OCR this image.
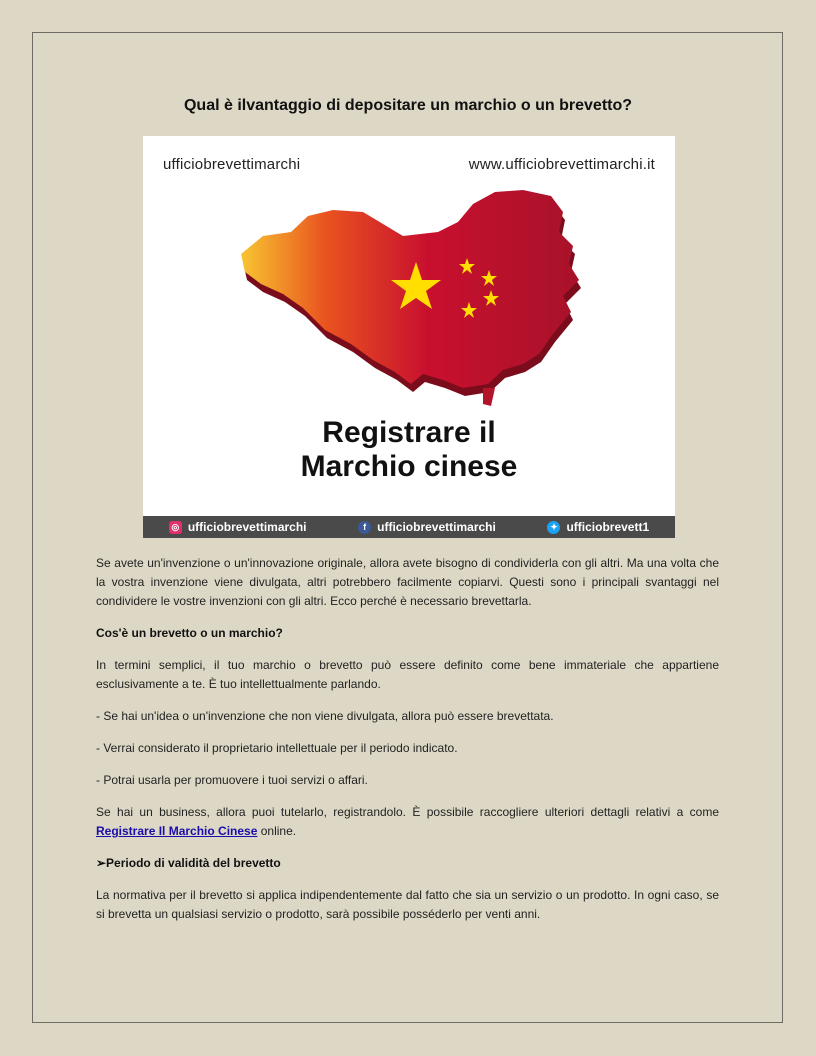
Qual è ilvantaggio di depositare un marchio o un brevetto?
ufficiobrevettimarchi	www.ufficiobrevettimarchi.it
Registrare il
Marchio cinese
◎ ufficiobrevettimarchi	f ufficiobrevettimarchi	✦ ufficiobrevett1

Se avete un'invenzione o un'innovazione originale, allora avete bisogno di condividerla con gli altri. Ma una volta che la vostra invenzione viene divulgata, altri potrebbero facilmente copiarvi. Questi sono i principali svantaggi nel condividere le vostre invenzioni con gli altri. Ecco perché è necessario brevettarla.

Cos'è un brevetto o un marchio?

In termini semplici, il tuo marchio o brevetto può essere definito come bene immateriale che appartiene esclusivamente a te. È tuo intellettualmente parlando.

- Se hai un'idea o un'invenzione che non viene divulgata, allora può essere brevettata.

- Verrai considerato il proprietario intellettuale per il periodo indicato.

- Potrai usarla per promuovere i tuoi servizi o affari.

Se hai un business, allora puoi tutelarlo, registrandolo. È possibile raccogliere ulteriori dettagli relativi a come Registrare Il Marchio Cinese online.

➢Periodo di validità del brevetto

La normativa per il brevetto si applica indipendentemente dal fatto che sia un servizio o un prodotto. In ogni caso, se si brevetta un qualsiasi servizio o prodotto, sarà possibile posséderlo per venti anni.
